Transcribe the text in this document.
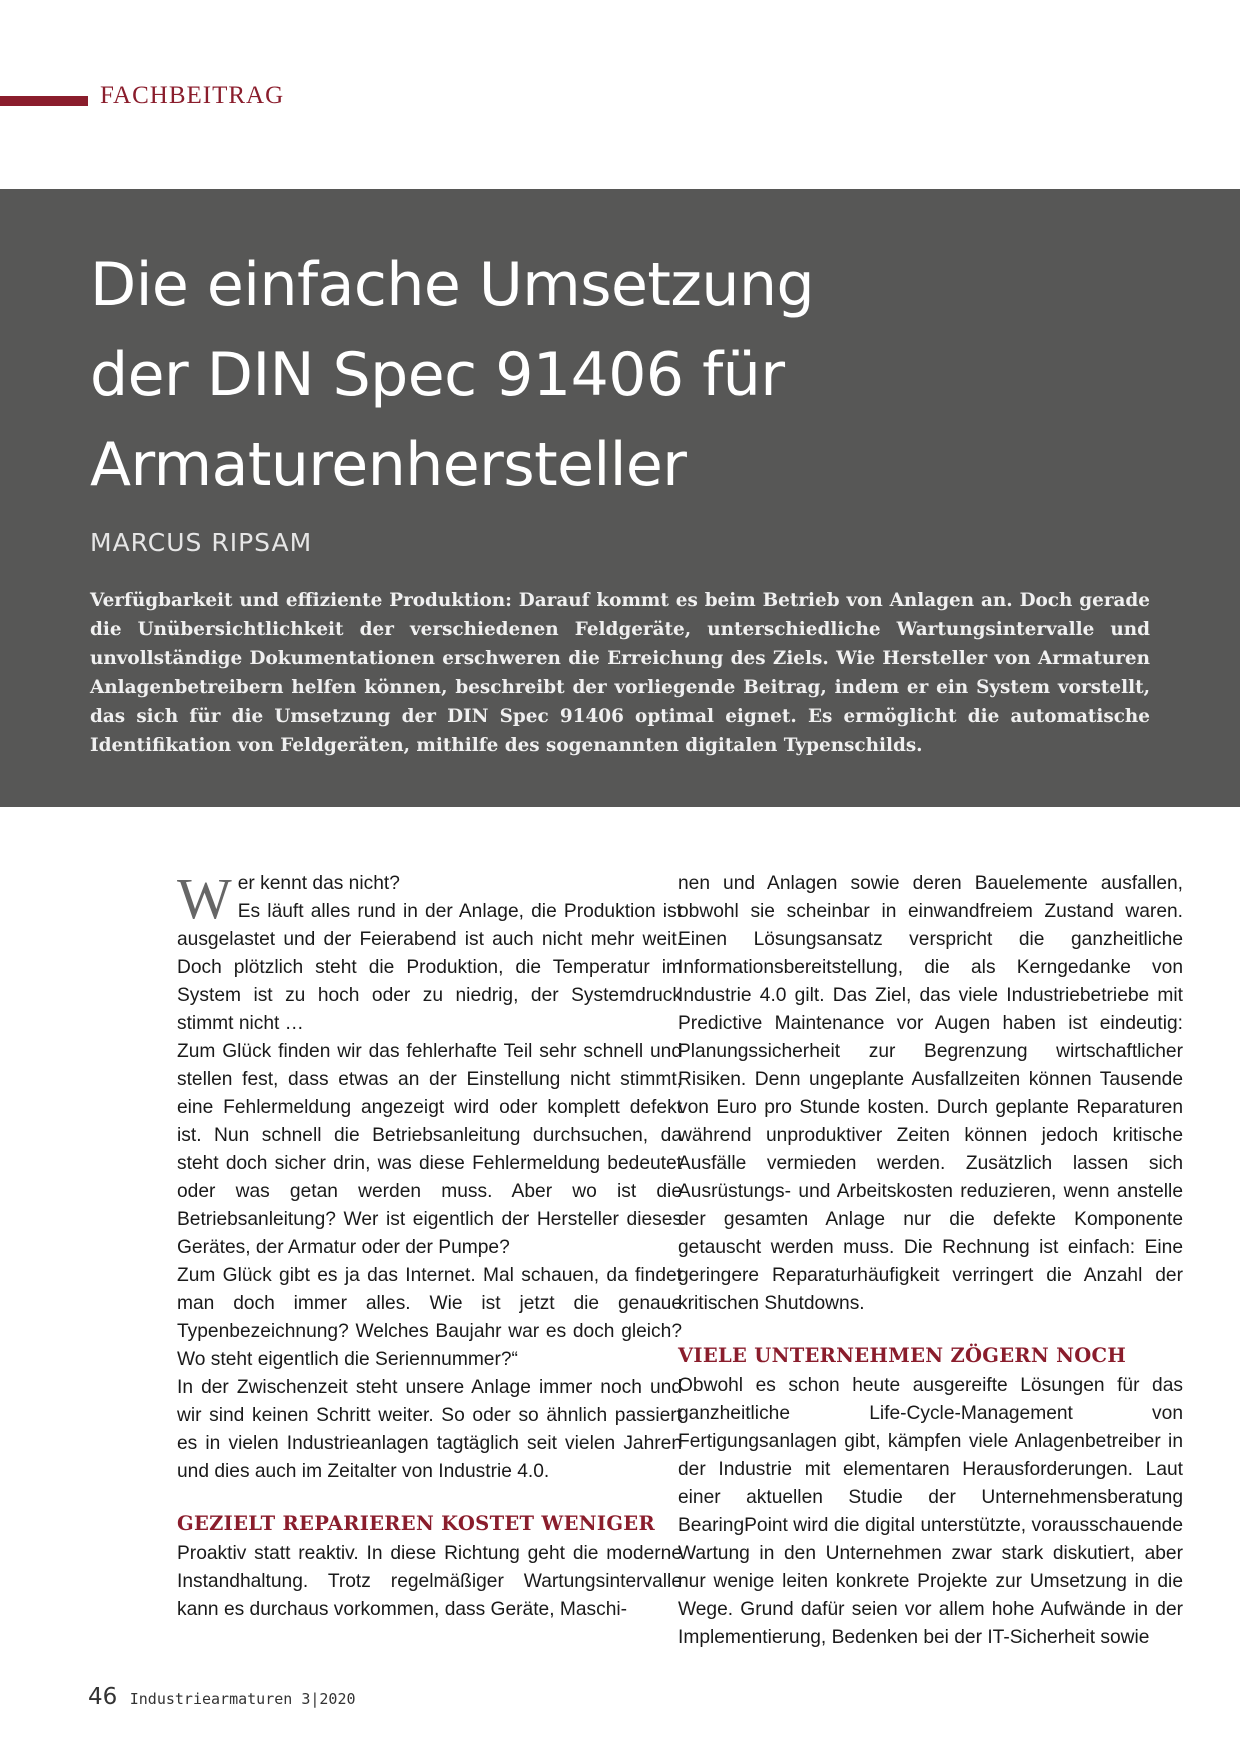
FACHBEITRAG
Die einfache Umsetzung
der DIN Spec 91406 für
Armaturenhersteller
MARCUS RIPSAM

Verfügbarkeit und effiziente Produktion: Darauf kommt es beim Betrieb von Anlagen an. Doch gerade die Unübersichtlichkeit der verschiedenen Feldgeräte, unterschiedliche Wartungsintervalle und unvollständige Dokumentationen erschweren die Erreichung des Ziels. Wie Hersteller von Armaturen Anlagenbetreibern helfen können, beschreibt der vorliegende Beitrag, indem er ein System vorstellt, das sich für die Umsetzung der DIN Spec 91406 optimal eignet. Es ermöglicht die automatische Identifikation von Feldgeräten, mithilfe des sogenannten digitalen Typenschilds.

W er kennt das nicht?
Es läuft alles rund in der Anlage, die Produktion ist ausgelastet und der Feierabend ist auch nicht mehr weit. Doch plötzlich steht die Produktion, die Temperatur im System ist zu hoch oder zu niedrig, der Systemdruck stimmt nicht …
Zum Glück finden wir das fehlerhafte Teil sehr schnell und stellen fest, dass etwas an der Einstellung nicht stimmt, eine Fehlermeldung angezeigt wird oder komplett defekt ist. Nun schnell die Betriebsanleitung durchsuchen, da steht doch sicher drin, was diese Fehlermeldung bedeutet oder was getan werden muss. Aber wo ist die Betriebsanleitung? Wer ist eigentlich der Hersteller dieses Gerätes, der Armatur oder der Pumpe?
Zum Glück gibt es ja das Internet. Mal schauen, da findet man doch immer alles. Wie ist jetzt die genaue Typenbezeichnung? Welches Baujahr war es doch gleich? Wo steht eigentlich die Seriennummer?“
In der Zwischenzeit steht unsere Anlage immer noch und wir sind keinen Schritt weiter. So oder so ähnlich passiert es in vielen Industrieanlagen tagtäglich seit vielen Jahren und dies auch im Zeitalter von Industrie 4.0.

GEZIELT REPARIEREN KOSTET WENIGER

Proaktiv statt reaktiv. In diese Richtung geht die moderne Instandhaltung. Trotz regelmäßiger Wartungsintervalle kann es durchaus vorkommen, dass Geräte, Maschi-

nen und Anlagen sowie deren Bauelemente ausfallen, obwohl sie scheinbar in einwandfreiem Zustand waren. Einen Lösungsansatz verspricht die ganzheitliche Informationsbereitstellung, die als Kerngedanke von Industrie 4.0 gilt. Das Ziel, das viele Industriebetriebe mit Predictive Maintenance vor Augen haben ist eindeutig: Planungssicherheit zur Begrenzung wirtschaftlicher Risiken. Denn ungeplante Ausfallzeiten können Tausende von Euro pro Stunde kosten. Durch geplante Reparaturen während unproduktiver Zeiten können jedoch kritische Ausfälle vermieden werden. Zusätzlich lassen sich Ausrüstungs- und Arbeitskosten reduzieren, wenn anstelle der gesamten Anlage nur die defekte Komponente getauscht werden muss. Die Rechnung ist einfach: Eine geringere Reparaturhäufigkeit verringert die Anzahl der kritischen Shutdowns.

VIELE UNTERNEHMEN ZÖGERN NOCH

Obwohl es schon heute ausgereifte Lösungen für das ganzheitliche Life-Cycle-Management von Fertigungsanlagen gibt, kämpfen viele Anlagenbetreiber in der Industrie mit elementaren Herausforderungen. Laut einer aktuellen Studie der Unternehmensberatung BearingPoint wird die digital unterstützte, vorausschauende Wartung in den Unternehmen zwar stark diskutiert, aber nur wenige leiten konkrete Projekte zur Umsetzung in die Wege. Grund dafür seien vor allem hohe Aufwände in der Implementierung, Bedenken bei der IT-Sicherheit sowie

46 Industriearmaturen 3|2020
